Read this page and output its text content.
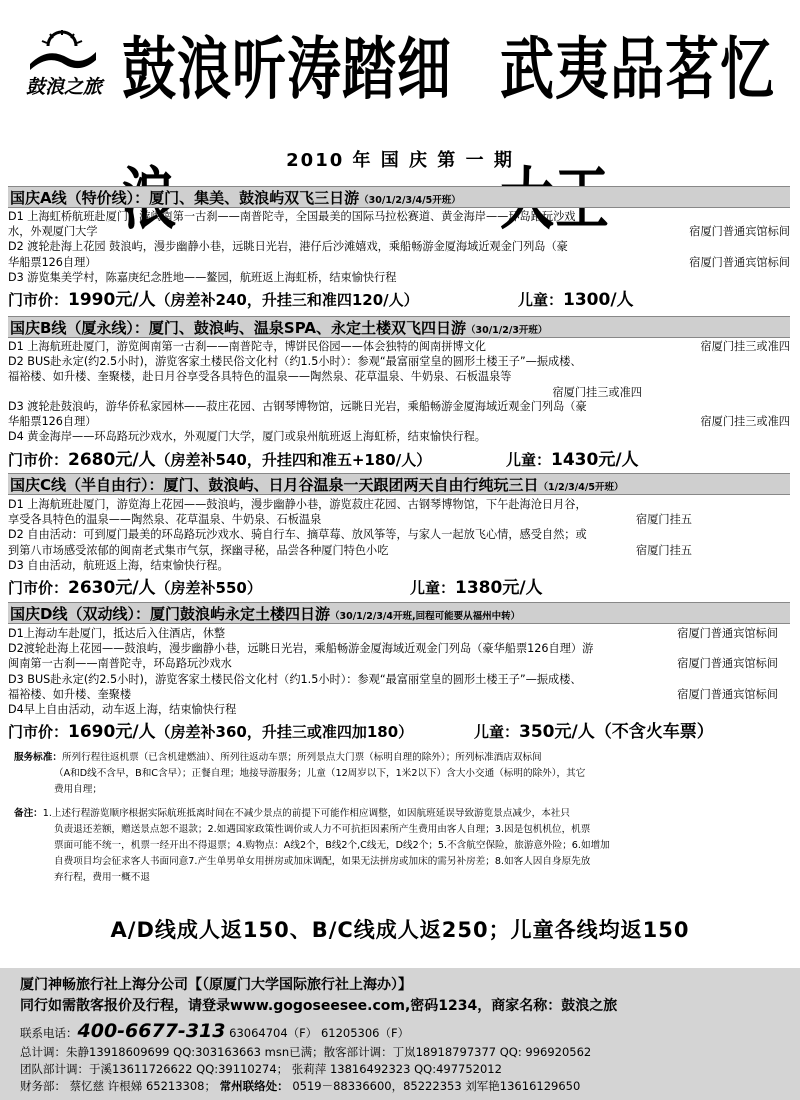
鼓浪之旅 鼓浪听涛踏细 武夷品茗忆
2010 年 国 庆 第 一 期
国庆A线（特价线）：厦门、集美、鼓浪屿双飞三日游（30/1/2/3/4/5开班）
D1 上海虹桥航班赴厦门，游闽南第一古刹——南普陀寺，全国最美的国际马拉松赛道、黄金海岸——环岛路玩沙戏
水，外观厦门大学	宿厦门普通宾馆标间
D2 渡轮赴海上花园 鼓浪屿，漫步幽静小巷，远眺日光岩，港仔后沙滩嬉戏，乘船畅游金厦海域近观金门列岛（豪
华船票126自理）	宿厦门普通宾馆标间
D3 游览集美学村，陈嘉庚纪念胜地——鳌园，航班返上海虹桥，结束愉快行程
门市价：1990元/人（房差补240，升挂三和准四120/人）	儿童：1300/人
国庆B线（厦永线）：厦门、鼓浪屿、温泉SPA、永定土楼双飞四日游（30/1/2/3开班）
D1 上海航班赴厦门，游览闽南第一古刹——南普陀寺，博饼民俗园——体会独特的闽南拼博文化	宿厦门挂三或准四
D2 BUS赴永定(约2.5小时)，游览客家土楼民俗文化村（约1.5小时）：参观“最富丽堂皇的圆形土楼王子”—振成楼、
福裕楼、如升楼、奎聚楼，赴日月谷享受各具特色的温泉——陶然泉、花草温泉、牛奶泉、石板温泉等
宿厦门挂三或准四
D3 渡轮赴鼓浪屿，游华侨私家园林——菽庄花园、古钢琴博物馆，远眺日光岩，乘船畅游金厦海域近观金门列岛（豪
华船票126自理）	宿厦门挂三或准四
D4 黄金海岸——环岛路玩沙戏水，外观厦门大学，厦门或泉州航班返上海虹桥，结束愉快行程。
门市价：2680元/人（房差补540，升挂四和准五+180/人）	儿童：1430元/人
国庆C线（半自由行）：厦门、鼓浪屿、日月谷温泉一天跟团两天自由行纯玩三日（1/2/3/4/5开班）
D1 上海航班赴厦门，游览海上花园——鼓浪屿，漫步幽静小巷，游览菽庄花园、古钢琴博物馆，下午赴海沧日月谷，
享受各具特色的温泉——陶然泉、花草温泉、牛奶泉、石板温泉	宿厦门挂五
D2 自由活动：可到厦门最美的环岛路玩沙戏水、骑自行车、摘草莓、放风筝等，与家人一起放飞心情，感受自然；或
到第八市场感受浓郁的闽南老式集市气氛，探幽寻秘，品尝各种厦门特色小吃	宿厦门挂五
D3 自由活动，航班返上海，结束愉快行程。
门市价：2630元/人（房差补550）	儿童：1380元/人
国庆D线（双动线）：厦门鼓浪屿永定土楼四日游（30/1/2/3/4开班,回程可能要从福州中转）
D1上海动车赴厦门，抵达后入住酒店，休整	宿厦门普通宾馆标间
D2渡轮赴海上花园——鼓浪屿，漫步幽静小巷，远眺日光岩，乘船畅游金厦海域近观金门列岛（豪华船票126自理）游
闽南第一古刹——南普陀寺，环岛路玩沙戏水	宿厦门普通宾馆标间
D3 BUS赴永定(约2.5小时)，游览客家土楼民俗文化村（约1.5小时）：参观“最富丽堂皇的圆形土楼王子”—振成楼、
福裕楼、如升楼、奎聚楼	宿厦门普通宾馆标间
D4早上自由活动，动车返上海，结束愉快行程
门市价：1690元/人（房差补360，升挂三或准四加180）	儿童：350元/人（不含火车票）
服务标准：所列行程往返机票（已含机建燃油）、所列往返动车票；所列景点大门票（标明自理的除外）；所列标准酒店双标间
（A和D线不含早，B和C含早）；正餐自理；地接导游服务；儿童（12周岁以下，1米2以下）含大小交通（标明的除外），其它
费用自理；
备注：1.上述行程游览顺序根据实际航班抵离时间在不减少景点的前提下可能作相应调整，如因航班延误导致游览景点减少，本社只
负责退还差额，赠送景点恕不退款；2.如遇国家政策性调价或人力不可抗拒因素所产生费用由客人自理；3.因是包机机位，机票
票面可能不统一，机票一经开出不得退票；4.购物点：A线2个，B线2个,C线无，D线2个；5.不含航空保险，旅游意外险；6.如增加
自费项目均会征求客人书面同意7.产生单男单女用拼房或加床调配，如果无法拼房或加床的需另补房差；8.如客人因自身原先放
弃行程，费用一概不退
A/D线成人返150、B/C线成人返250；儿童各线均返150
厦门神畅旅行社上海分公司【（原厦门大学国际旅行社上海办）】
同行如需散客报价及行程，请登录www.gogoseesee.com,密码1234，商家名称：鼓浪之旅
联系电话：400-6677-313 63064704（F） 61205306（F）
总计调：朱静13918609699 QQ:303163663 msn已满；散客部计调：丁岚18918797377 QQ: 996920562
团队部计调：于溪13611726622 QQ:39110274； 张莉萍 13816492323 QQ:497752012
财务部： 蔡忆慈 许根娣 65213308； 常州联络处： 0519－88336600，85222353 刘军艳13616129650
